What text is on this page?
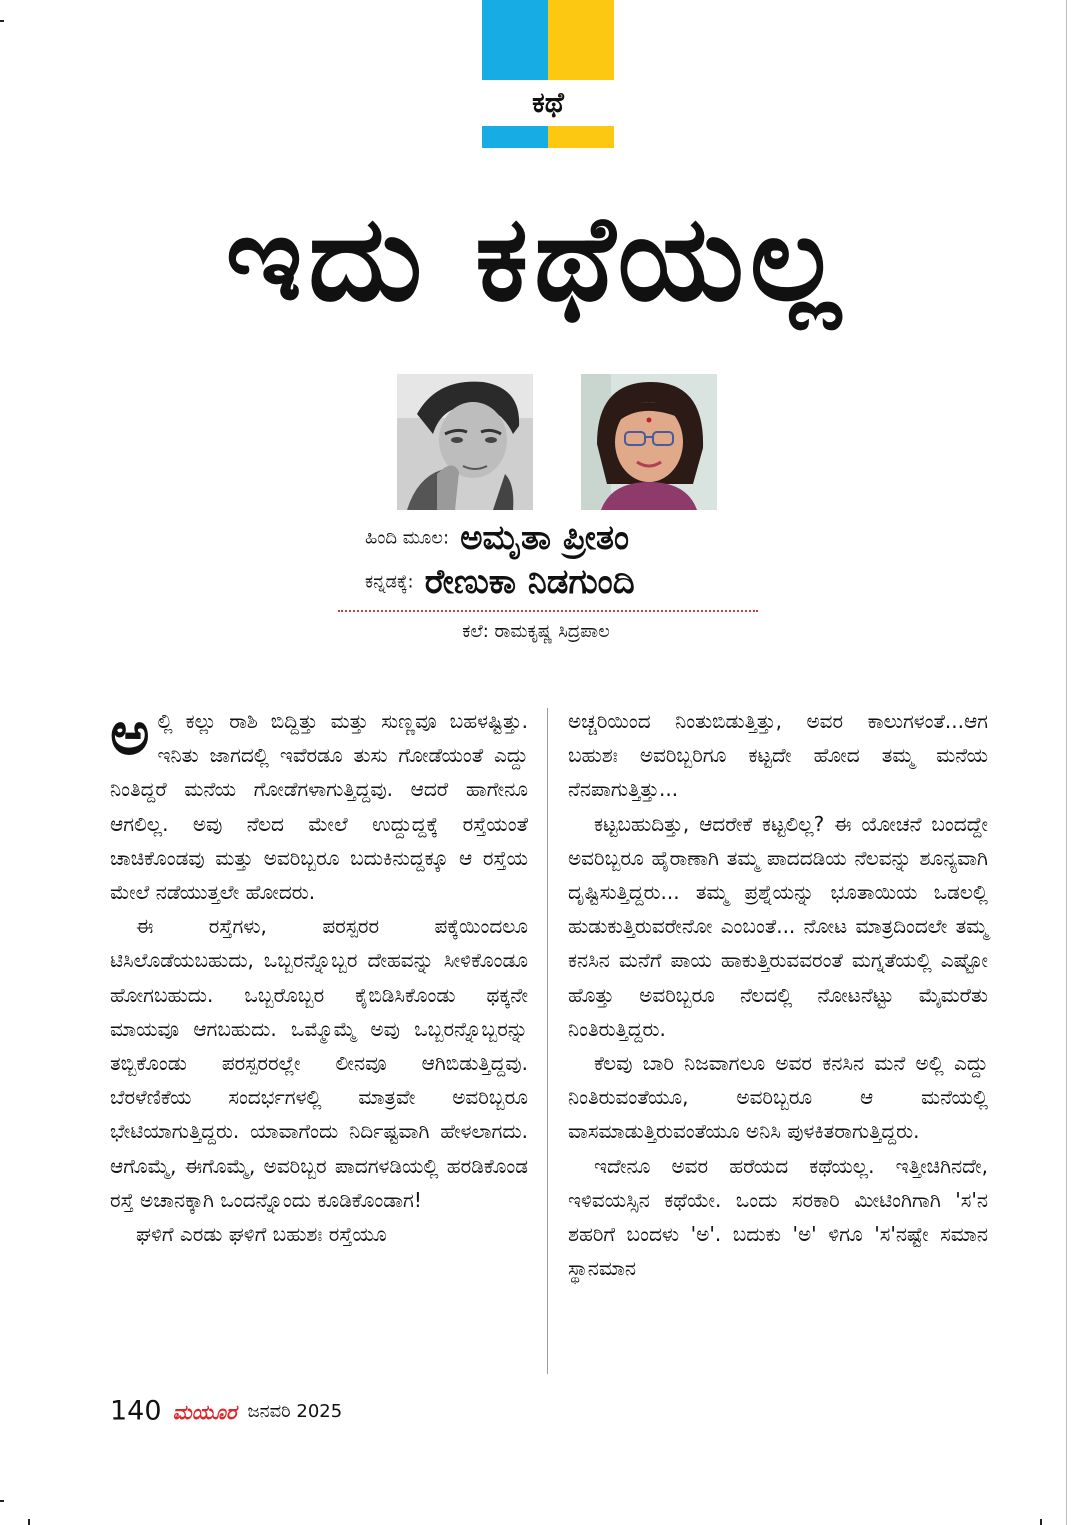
ಕಥೆ
ಇದು ಕಥೆಯಲ್ಲ
ಹಿಂದಿ ಮೂಲ: ಅಮೃತಾ ಪ್ರೀತಂ
ಕನ್ನಡಕ್ಕೆ: ರೇಣುಕಾ ನಿಡಗುಂದಿ
ಕಲೆ: ರಾಮಕೃಷ್ಣ ಸಿದ್ರಪಾಲ

ಅಲ್ಲಿ ಕಲ್ಲು ರಾಶಿ ಬಿದ್ದಿತ್ತು ಮತ್ತು ಸುಣ್ಣವೂ ಬಹಳಷ್ಟಿತ್ತು. ಇನಿತು ಜಾಗದಲ್ಲಿ ಇವೆರಡೂ ತುಸು ಗೋಡೆಯಂತೆ ಎದ್ದು ನಿಂತಿದ್ದರೆ ಮನೆಯ ಗೋಡೆಗಳಾಗುತ್ತಿದ್ದವು. ಆದರೆ ಹಾಗೇನೂ ಆಗಲಿಲ್ಲ. ಅವು ನೆಲದ ಮೇಲೆ ಉದ್ದುದ್ದಕ್ಕೆ ರಸ್ತೆಯಂತೆ ಚಾಚಿಕೊಂಡವು ಮತ್ತು ಅವರಿಬ್ಬರೂ ಬದುಕಿನುದ್ದಕ್ಕೂ ಆ ರಸ್ತೆಯ ಮೇಲೆ ನಡೆಯುತ್ತಲೇ ಹೋದರು.

ಈ ರಸ್ತೆಗಳು, ಪರಸ್ಪರರ ಪಕ್ಕೆಯಿಂದಲೂ ಟಿಸಿಲೊಡೆಯಬಹುದು, ಒಬ್ಬರನ್ನೊಬ್ಬರ ದೇಹವನ್ನು ಸೀಳಿಕೊಂಡೂ ಹೋಗಬಹುದು. ಒಬ್ಬರೊಬ್ಬರ ಕೈಬಿಡಿಸಿಕೊಂಡು ಥಕ್ಕನೇ ಮಾಯವೂ ಆಗಬಹುದು. ಒಮ್ಮೊಮ್ಮೆ ಅವು ಒಬ್ಬರನ್ನೊಬ್ಬರನ್ನು ತಬ್ಬಿಕೊಂಡು ಪರಸ್ಪರರಲ್ಲೇ ಲೀನವೂ ಆಗಿಬಿಡುತ್ತಿದ್ದವು. ಬೆರಳೆಣಿಕೆಯ ಸಂದರ್ಭಗಳಲ್ಲಿ ಮಾತ್ರವೇ ಅವರಿಬ್ಬರೂ ಭೇಟಿಯಾಗುತ್ತಿದ್ದರು. ಯಾವಾಗೆಂದು ನಿರ್ದಿಷ್ಟವಾಗಿ ಹೇಳಲಾಗದು. ಆಗೊಮ್ಮೆ, ಈಗೊಮ್ಮೆ, ಅವರಿಬ್ಬರ ಪಾದಗಳಡಿಯಲ್ಲಿ ಹರಡಿಕೊಂಡ ರಸ್ತೆ ಅಚಾನಕ್ಕಾಗಿ ಒಂದನ್ನೊಂದು ಕೂಡಿಕೊಂಡಾಗ!

ಘಳಿಗೆ ಎರಡು ಘಳಿಗೆ ಬಹುಶಃ ರಸ್ತೆಯೂ

ಅಚ್ಚರಿಯಿಂದ ನಿಂತುಬಿಡುತ್ತಿತ್ತು, ಅವರ ಕಾಲುಗಳಂತೆ...ಆಗ ಬಹುಶಃ ಅವರಿಬ್ಬರಿಗೂ ಕಟ್ಟದೇ ಹೋದ ತಮ್ಮ ಮನೆಯ ನೆನಪಾಗುತ್ತಿತ್ತು...

ಕಟ್ಟಬಹುದಿತ್ತು, ಆದರೇಕೆ ಕಟ್ಟಲಿಲ್ಲ? ಈ ಯೋಚನೆ ಬಂದದ್ದೇ ಅವರಿಬ್ಬರೂ ಹೈರಾಣಾಗಿ ತಮ್ಮ ಪಾದದಡಿಯ ನೆಲವನ್ನು ಶೂನ್ಯವಾಗಿ ದೃಷ್ಟಿಸುತ್ತಿದ್ದರು... ತಮ್ಮ ಪ್ರಶ್ನೆಯನ್ನು ಭೂತಾಯಿಯ ಒಡಲಲ್ಲಿ ಹುಡುಕುತ್ತಿರುವರೇನೋ ಎಂಬಂತೆ... ನೋಟ ಮಾತ್ರದಿಂದಲೇ ತಮ್ಮ ಕನಸಿನ ಮನೆಗೆ ಪಾಯ ಹಾಕುತ್ತಿರುವವರಂತೆ ಮಗ್ನತೆಯಲ್ಲಿ ಎಷ್ಟೋ ಹೊತ್ತು ಅವರಿಬ್ಬರೂ ನೆಲದಲ್ಲಿ ನೋಟನೆಟ್ಟು ಮೈಮರೆತು ನಿಂತಿರುತ್ತಿದ್ದರು.

ಕೆಲವು ಬಾರಿ ನಿಜವಾಗಲೂ ಅವರ ಕನಸಿನ ಮನೆ ಅಲ್ಲಿ ಎದ್ದು ನಿಂತಿರುವಂತೆಯೂ, ಅವರಿಬ್ಬರೂ ಆ ಮನೆಯಲ್ಲಿ ವಾಸಮಾಡುತ್ತಿರುವಂತೆಯೂ ಅನಿಸಿ ಪುಳಕಿತರಾಗುತ್ತಿದ್ದರು.

ಇದೇನೂ ಅವರ ಹರೆಯದ ಕಥೆಯಲ್ಲ. ಇತ್ತೀಚಿಗಿನದೇ, ಇಳಿವಯಸ್ಸಿನ ಕಥೆಯೇ. ಒಂದು ಸರಕಾರಿ ಮೀಟಿಂಗಿಗಾಗಿ 'ಸ'ನ ಶಹರಿಗೆ ಬಂದಳು 'ಅ'. ಬದುಕು 'ಅ' ಳಿಗೂ 'ಸ'ನಷ್ಟೇ ಸಮಾನ ಸ್ಥಾನಮಾನ

140 ಮಯೂರ ಜನವರಿ 2025
